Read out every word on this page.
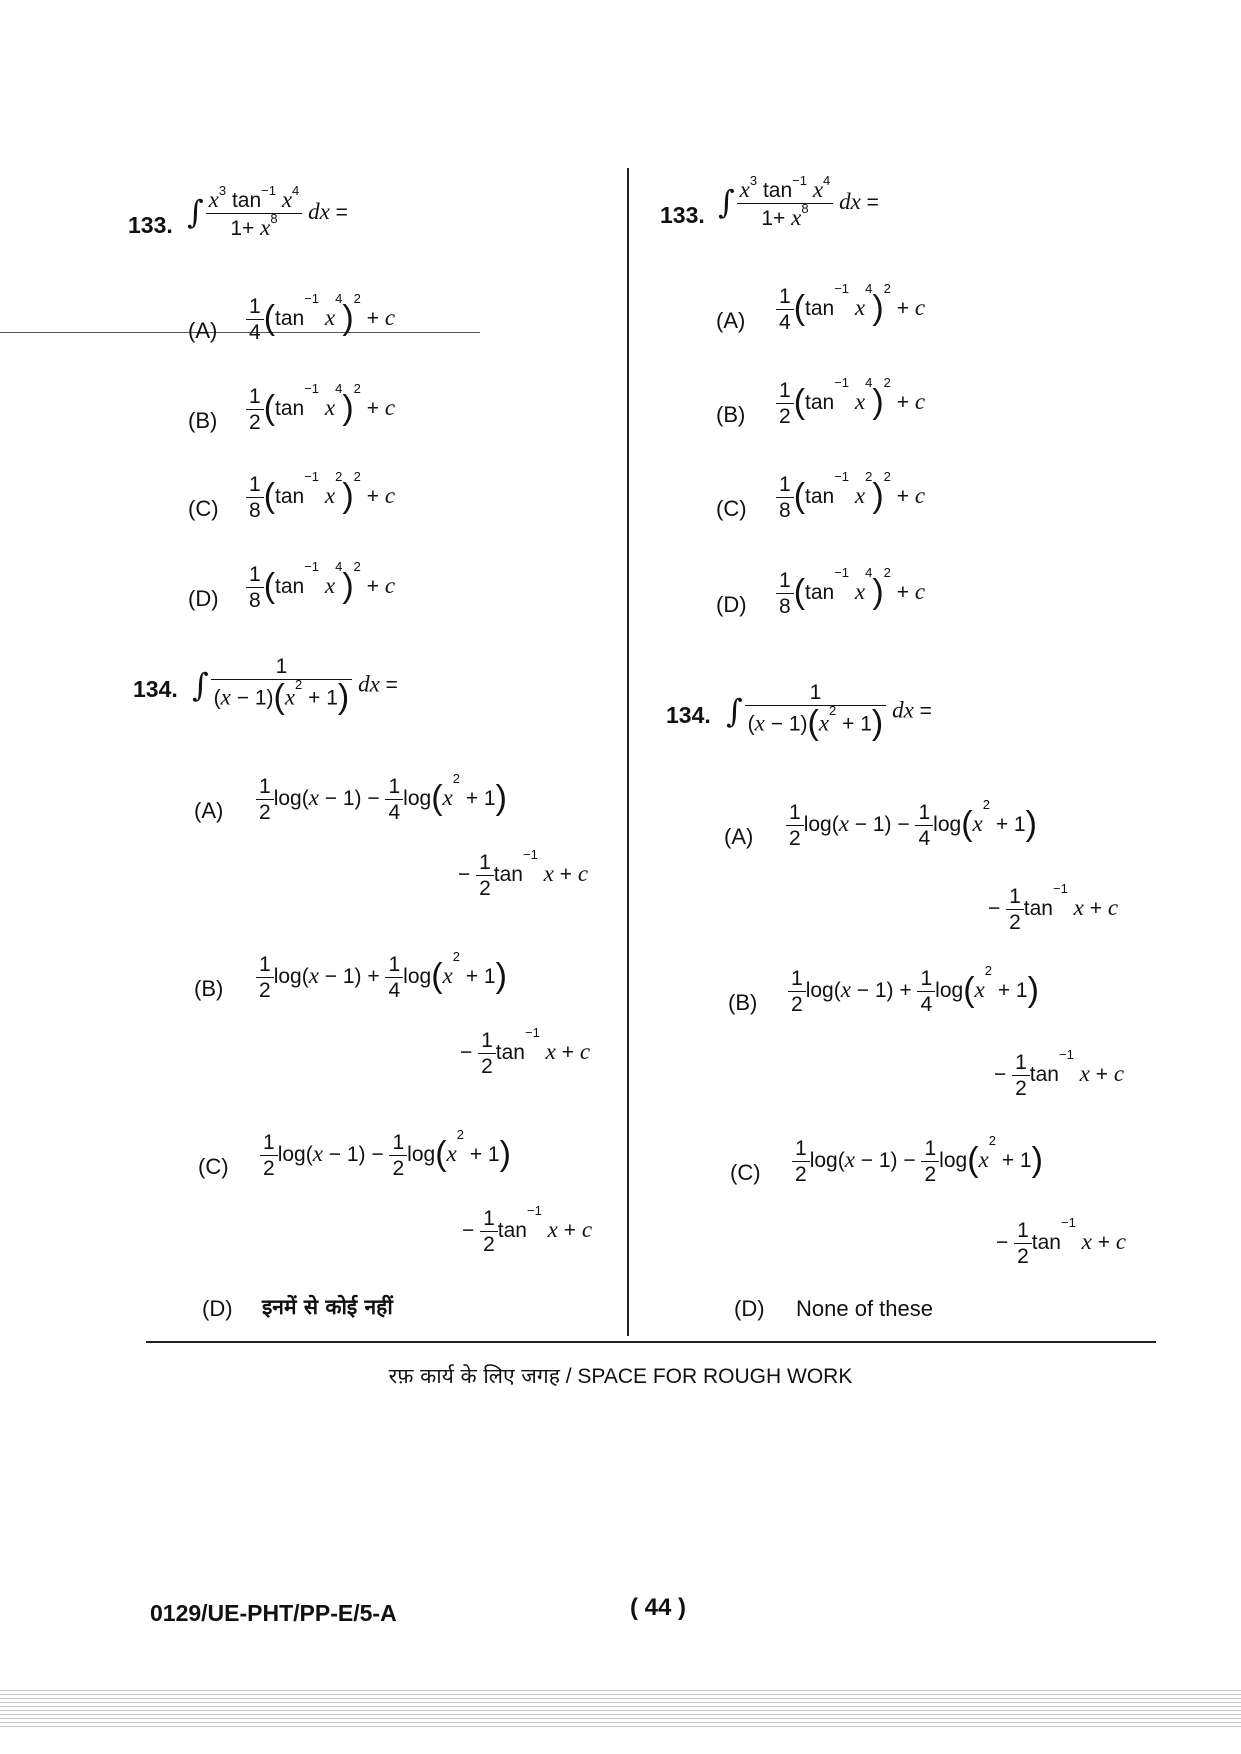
133. ∫ $\frac{x^3 \tan^{-1} x^4}{1+ x^8}$ dx =
$(A) \frac{1}{4} (\tan^{-1}$ $x^4)^2 + c$
$(B) \frac{1}{2} (\tan^{-1}$ $x^4)^2 + c$
$(C) \frac{1}{8} (\tan^{-1}$ $x^2)^2 + c$
$(D) \frac{1}{8} (\tan^{-1}$ $x^4)^2 + c$
134. ∫ $\frac{1}{(x - 1)(x^2 + 1)}$ dx =
$(A) \frac{1}{2} \log(x - 1) - \frac{1}{4} \log(x^2 + 1)$
− $\frac{1}{2} \tan^{-1} x + c$
$(B) \frac{1}{2} \log(x - 1) + \frac{1}{4} \log(x^2 + 1)$
− $\frac{1}{2} \tan^{-1} x + c$
$(C) \frac{1}{2} \log(x - 1) - \frac{1}{2} \log(x^2 + 1)$
− $\frac{1}{2} \tan^{-1} x + c$
(D) इनमें से कोई नहीं
133. ∫ $\frac{x^3 \tan^{-1} x^4}{1+ x^8}$ dx =
$(A) \frac{1}{4} (\tan^{-1}$ $x^4)^2 + c$
$(B) \frac{1}{2} (\tan^{-1}$ $x^4)^2 + c$
$(C) \frac{1}{8} (\tan^{-1}$ $x^2)^2 + c$
$(D) \frac{1}{8} (\tan^{-1}$ $x^4)^2 + c$
134. ∫ $\frac{1}{(x - 1)(x^2 + 1)}$ dx =
$(A) \frac{1}{2} \log(x - 1) - \frac{1}{4} \log(x^2 + 1)$
− $\frac{1}{2} \tan^{-1} x + c$
$(B) \frac{1}{2} \log(x - 1) + \frac{1}{4} \log(x^2 + 1)$
− $\frac{1}{2} \tan^{-1} x + c$
$(C) \frac{1}{2} \log(x - 1) - \frac{1}{2} \log(x^2 + 1)$
− $\frac{1}{2} \tan^{-1} x + c$
(D) None of these
रफ़ कार्य के लिए जगह / SPACE FOR ROUGH WORK
0129/UE-PHT/PP-E/5-A	( 44 )
